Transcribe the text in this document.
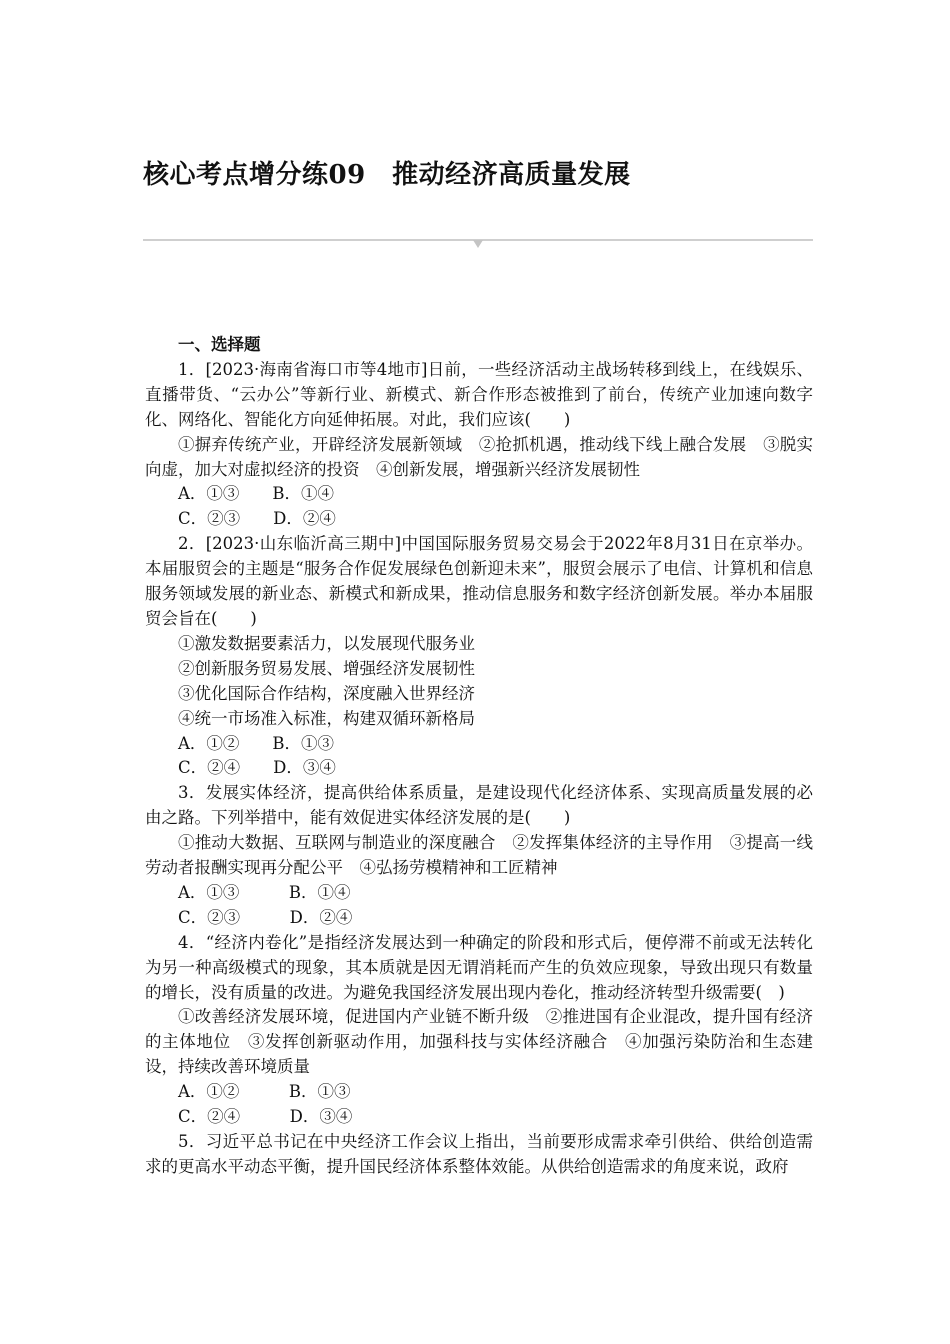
核心考点增分练09　推动经济高质量发展

一、选择题

1．[2023·海南省海口市等4地市]日前，一些经济活动主战场转移到线上，在线娱乐、直播带货、“云办公”等新行业、新模式、新合作形态被推到了前台，传统产业加速向数字化、网络化、智能化方向延伸拓展。对此，我们应该(　　)

①摒弃传统产业，开辟经济发展新领域　②抢抓机遇，推动线下线上融合发展　③脱实向虚，加大对虚拟经济的投资　④创新发展，增强新兴经济发展韧性

A．①③　　B．①④

C．②③　　D．②④

2．[2023·山东临沂高三期中]中国国际服务贸易交易会于2022年8月31日在京举办。本届服贸会的主题是“服务合作促发展绿色创新迎未来”，服贸会展示了电信、计算机和信息服务领域发展的新业态、新模式和新成果，推动信息服务和数字经济创新发展。举办本届服贸会旨在(　　)

①激发数据要素活力，以发展现代服务业

②创新服务贸易发展、增强经济发展韧性

③优化国际合作结构，深度融入世界经济

④统一市场准入标准，构建双循环新格局

A．①②　　B．①③

C．②④　　D．③④

3．发展实体经济，提高供给体系质量，是建设现代化经济体系、实现高质量发展的必由之路。下列举措中，能有效促进实体经济发展的是(　　)

①推动大数据、互联网与制造业的深度融合　②发挥集体经济的主导作用　③提高一线劳动者报酬实现再分配公平　④弘扬劳模精神和工匠精神

A．①③　　　B．①④

C．②③　　　D．②④

4．“经济内卷化”是指经济发展达到一种确定的阶段和形式后，便停滞不前或无法转化为另一种高级模式的现象，其本质就是因无谓消耗而产生的负效应现象，导致出现只有数量的增长，没有质量的改进。为避免我国经济发展出现内卷化，推动经济转型升级需要(　)

①改善经济发展环境，促进国内产业链不断升级　②推进国有企业混改，提升国有经济的主体地位　③发挥创新驱动作用，加强科技与实体经济融合　④加强污染防治和生态建设，持续改善环境质量

A．①②　　　B．①③

C．②④　　　D．③④

5．习近平总书记在中央经济工作会议上指出，当前要形成需求牵引供给、供给创造需求的更高水平动态平衡，提升国民经济体系整体效能。从供给创造需求的角度来说，政府
